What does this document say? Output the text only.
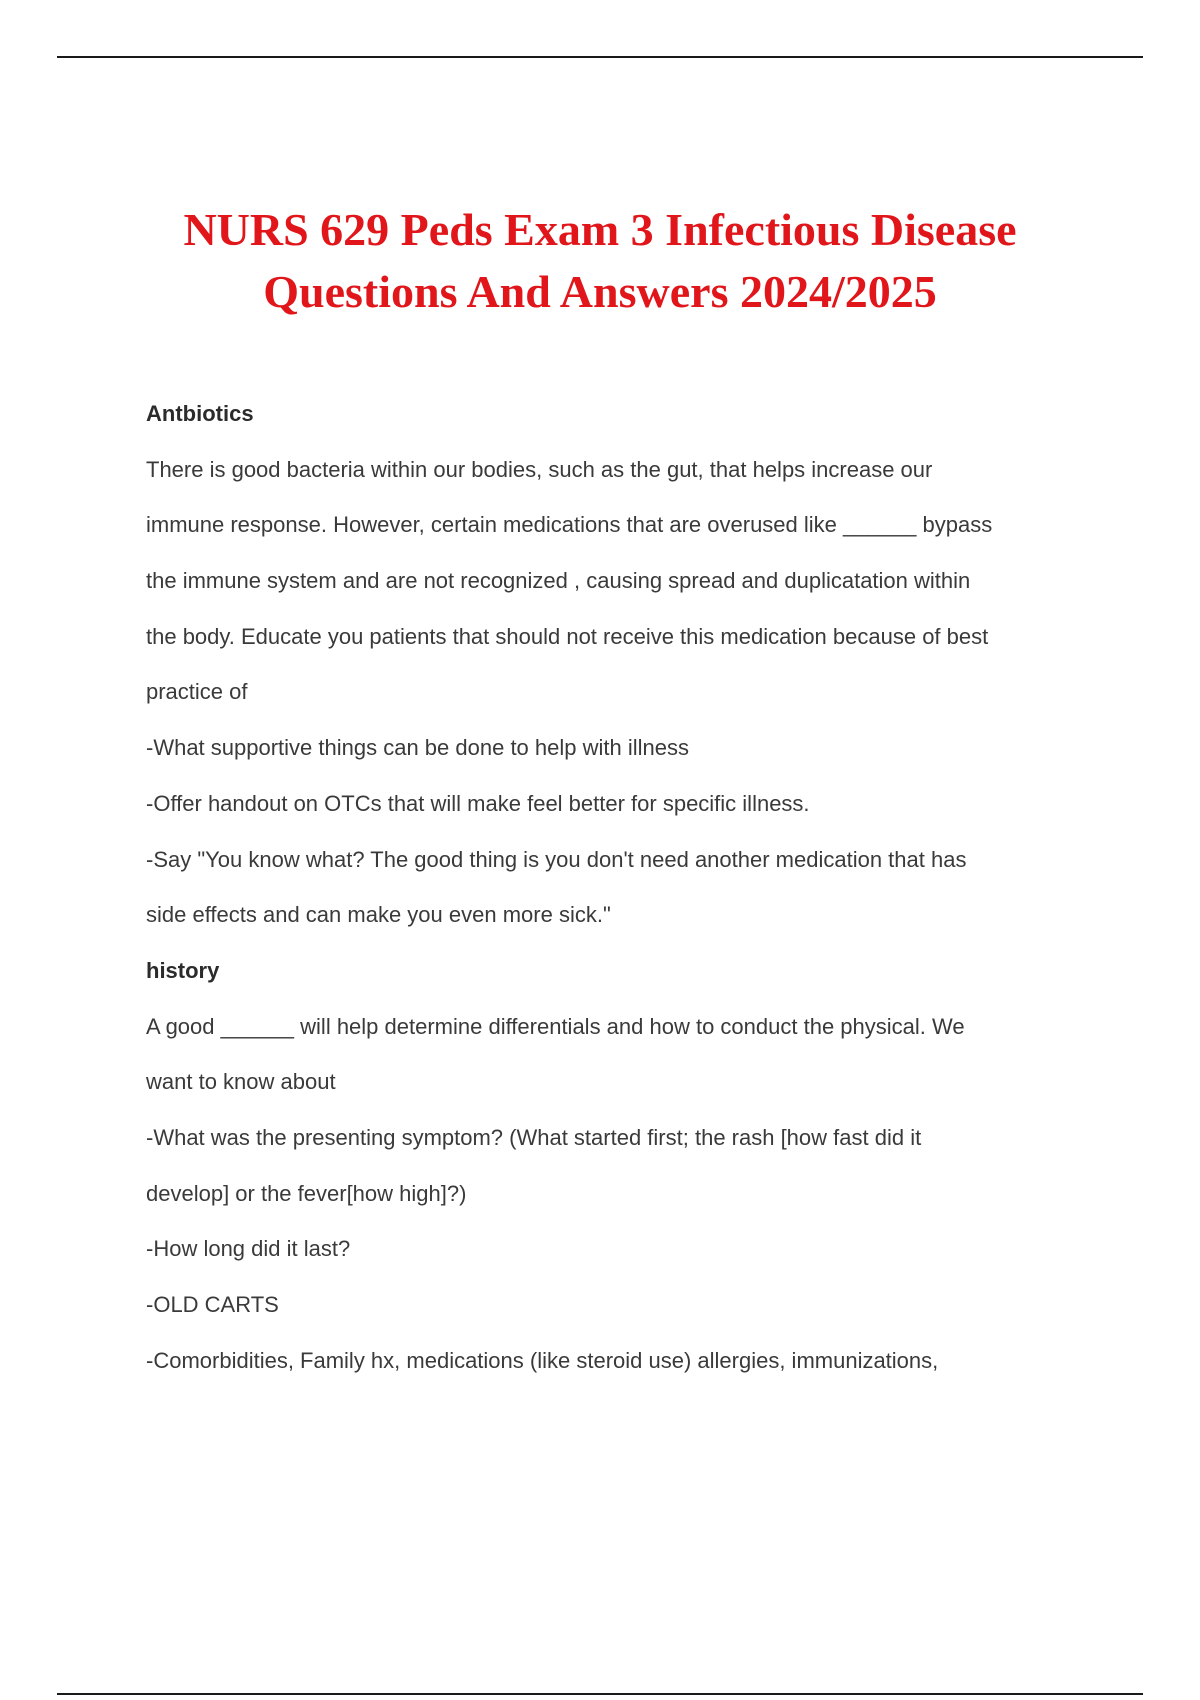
NURS 629 Peds Exam 3 Infectious Disease
Questions And Answers 2024/2025
Antbiotics
There is good bacteria within our bodies, such as the gut, that helps increase our
immune response. However, certain medications that are overused like ______ bypass
the immune system and are not recognized , causing spread and duplicatation within
the body. Educate you patients that should not receive this medication because of best
practice of
-What supportive things can be done to help with illness
-Offer handout on OTCs that will make feel better for specific illness.
-Say "You know what? The good thing is you don't need another medication that has
side effects and can make you even more sick."
history
A good ______ will help determine differentials and how to conduct the physical. We
want to know about
-What was the presenting symptom? (What started first; the rash [how fast did it
develop] or the fever[how high]?)
-How long did it last?
-OLD CARTS
-Comorbidities, Family hx, medications (like steroid use) allergies, immunizations,
